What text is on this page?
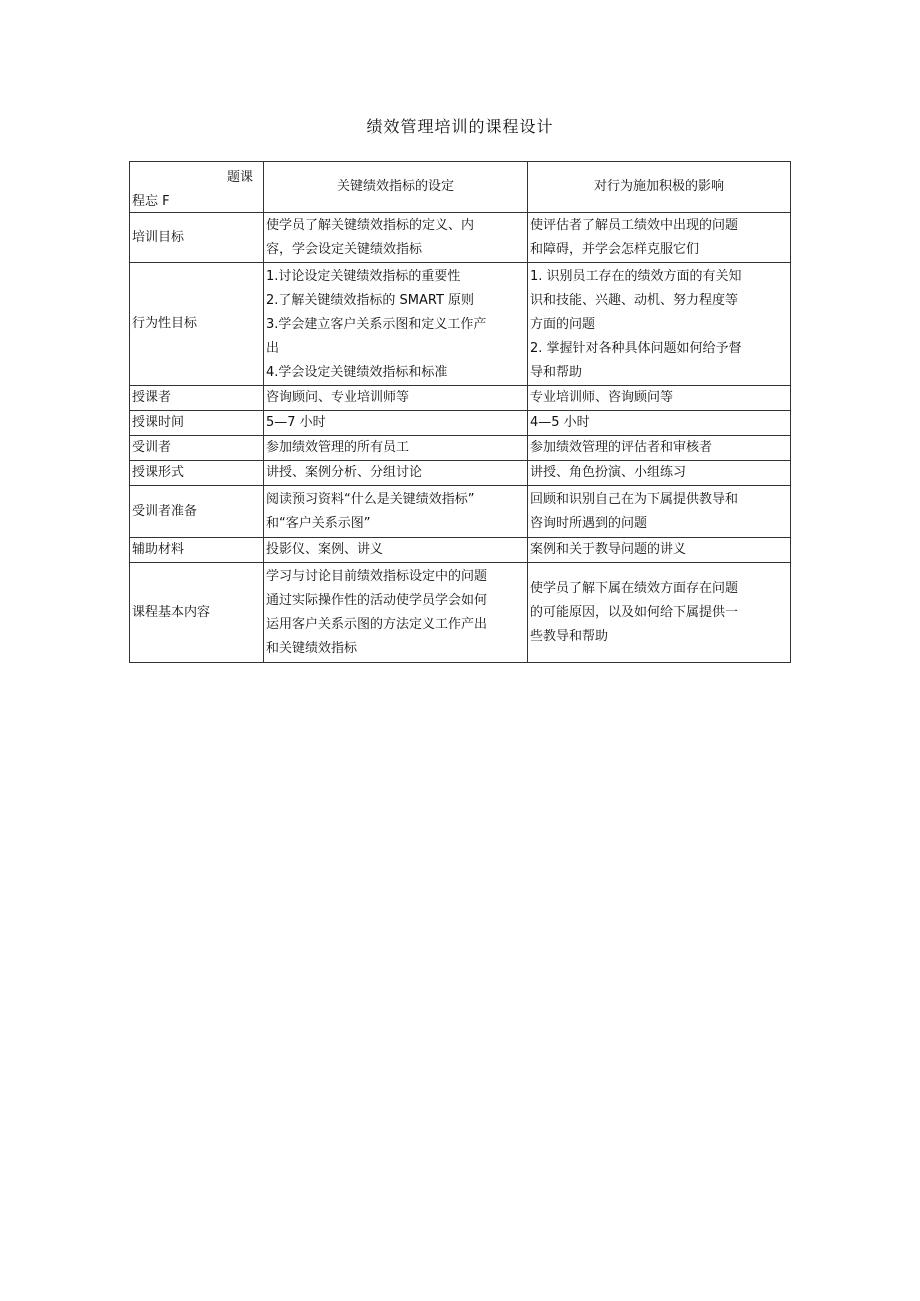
绩效管理培训的课程设计
题课
程忘 F	关键绩效指标的设定	对行为施加积极的影响
培训目标	使学员了解关键绩效指标的定义、内
容，学会设定关键绩效指标	使评估者了解员工绩效中出现的问题
和障碍，并学会怎样克服它们

行为性目标	1.讨论设定关键绩效指标的重要性
2.了解关键绩效指标的 SMART 原则
3.学会建立客户关系示图和定义工作产
出
4.学会设定关键绩效指标和标准	1. 识别员工存在的绩效方面的有关知
识和技能、兴趣、动机、努力程度等
方面的问题
2. 掌握针对各种具体问题如何给予督
导和帮助

授课者	咨询顾问、专业培训师等	专业培训师、咨询顾问等

授课时间	5—7 小时	4—5 小时

受训者	参加绩效管理的所有员工	参加绩效管理的评估者和审核者

授课形式	讲授、案例分析、分组讨论	讲授、角色扮演、小组练习

受训者准备	阅读预习资料“什么是关键绩效指标”
和“客户关系示图”	回顾和识别自己在为下属提供教导和
咨询时所遇到的问题

辅助材料	投影仪、案例、讲义	案例和关于教导问题的讲义

课程基本内容	学习与讨论目前绩效指标设定中的问题
通过实际操作性的活动使学员学会如何
运用客户关系示图的方法定义工作产出
和关键绩效指标	使学员了解下属在绩效方面存在问题
的可能原因，以及如何给下属提供一
些教导和帮助
